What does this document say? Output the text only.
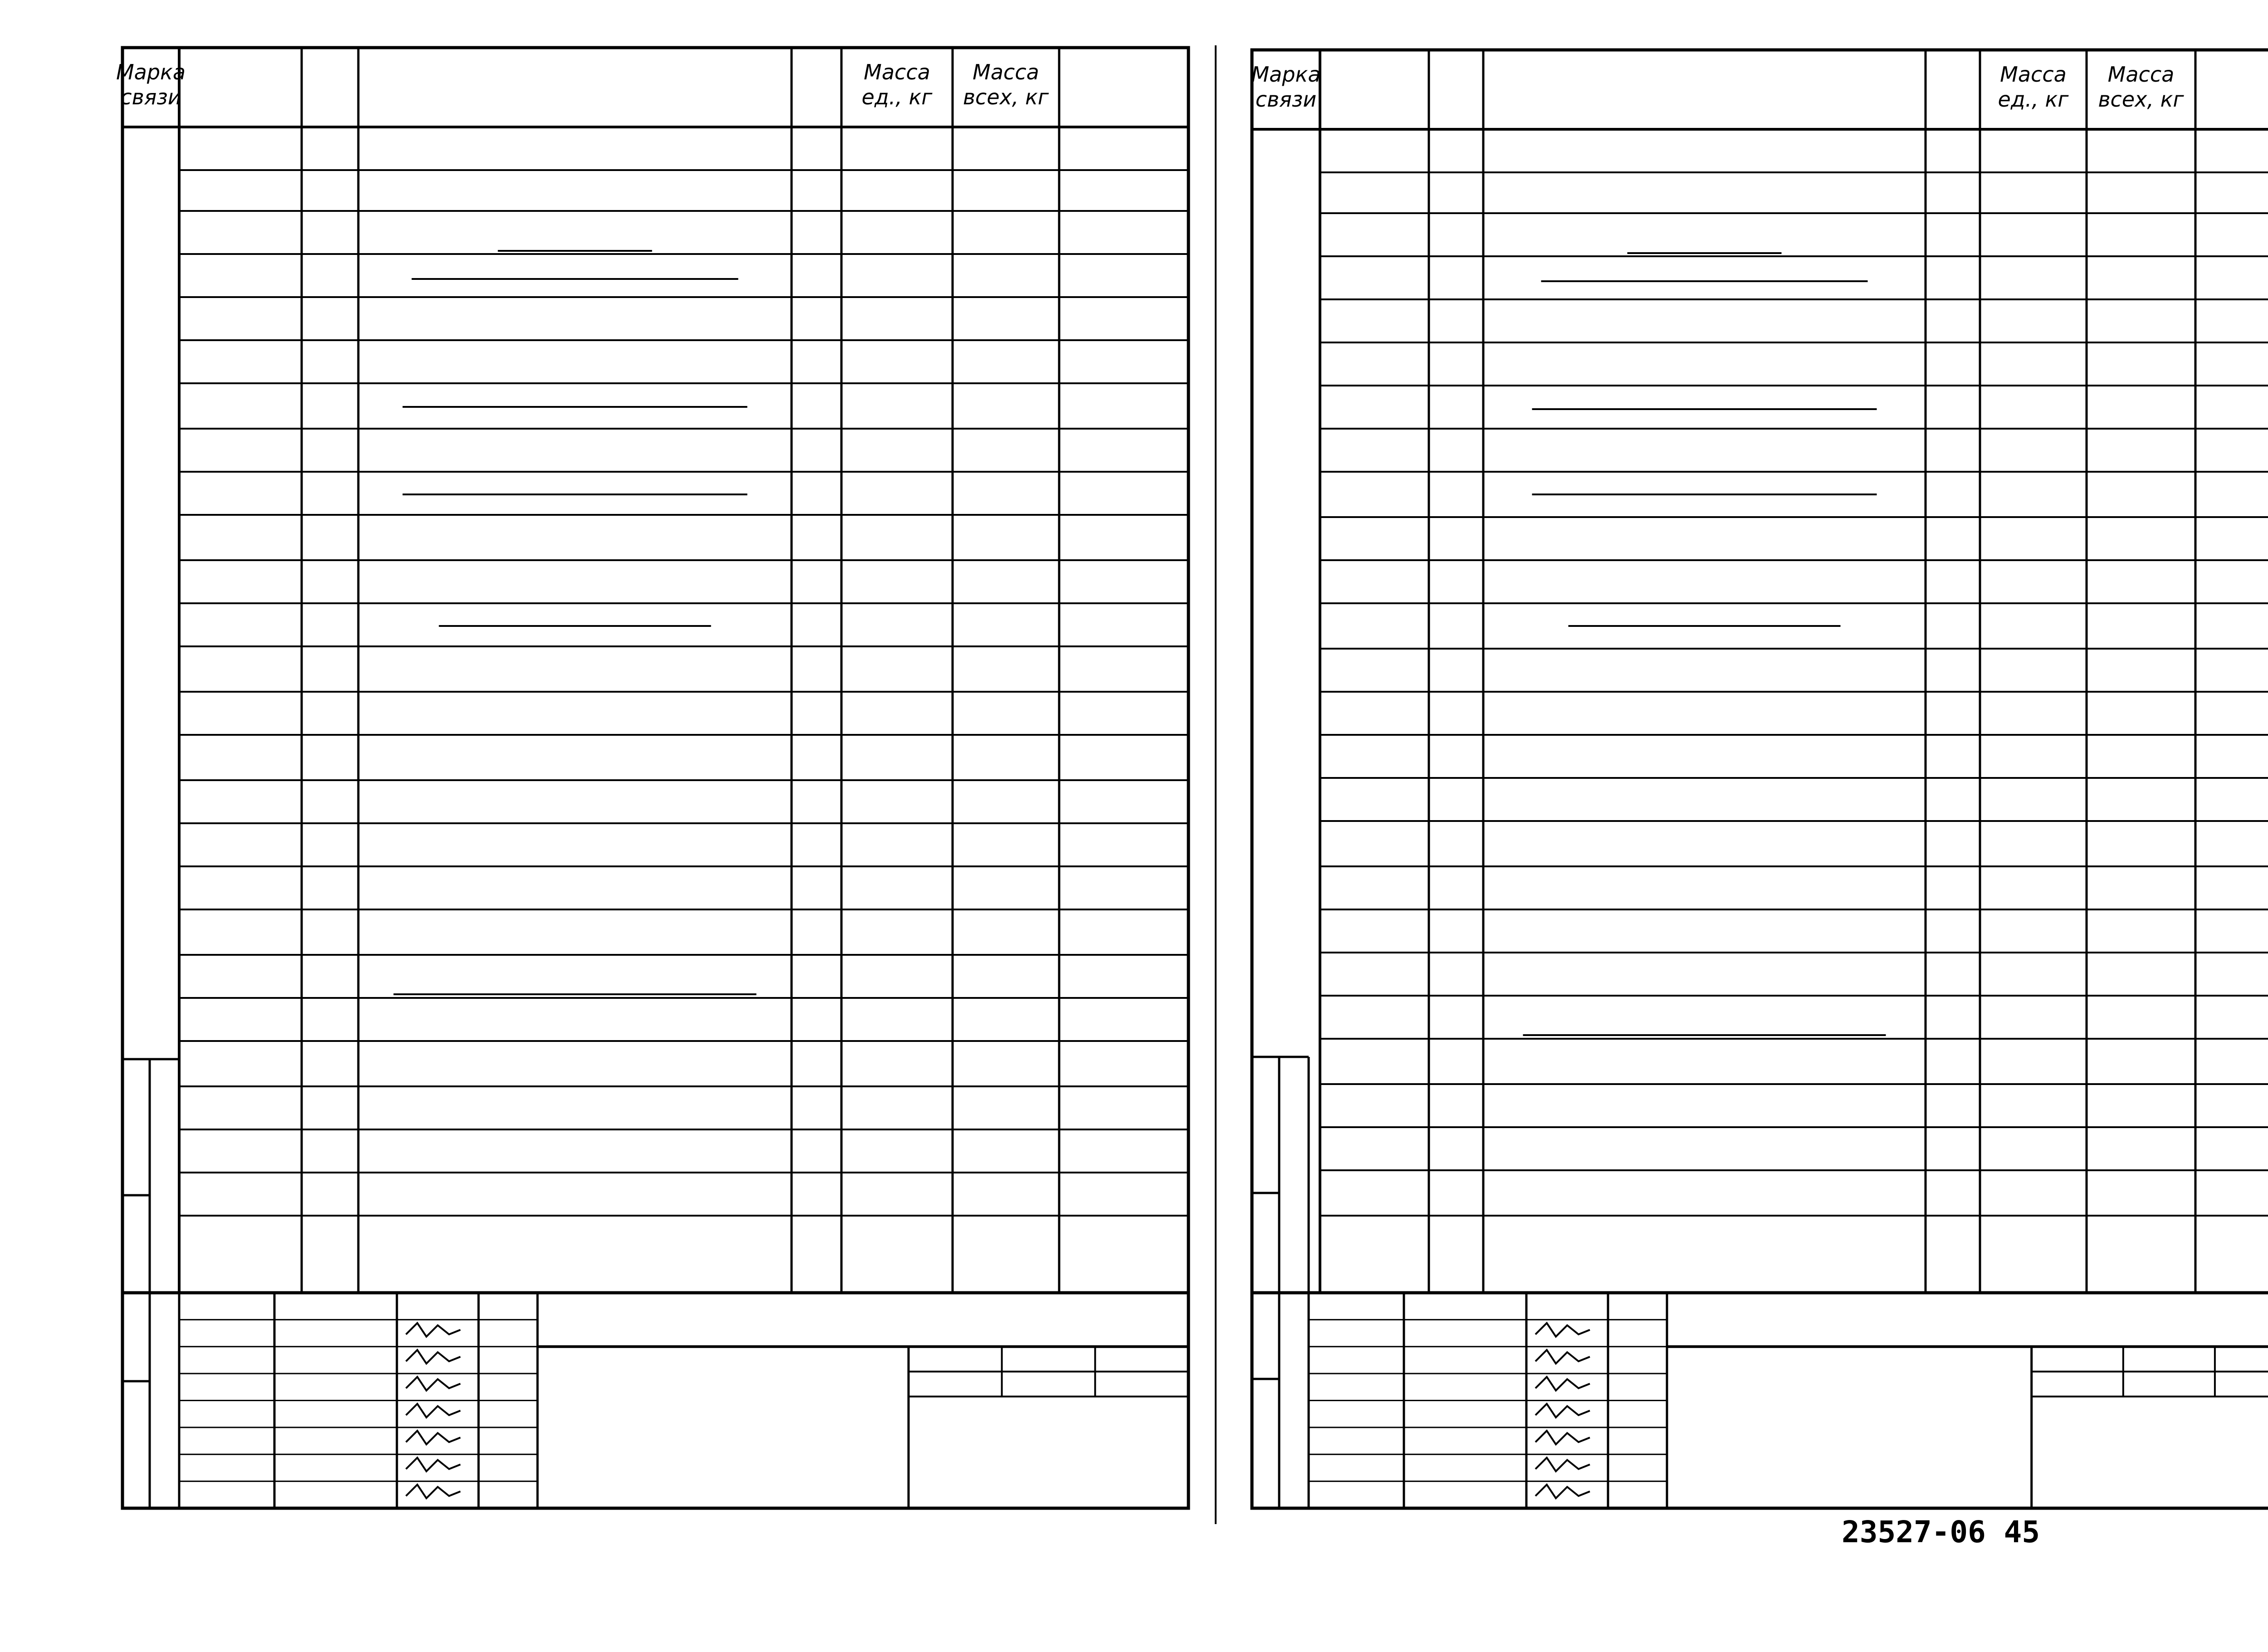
23527-06 45
Марка
связи
Масса
ед., кг
Масса
всех, кг
Марка
связи
Масса
ед., кг
Масса
всех, кг
